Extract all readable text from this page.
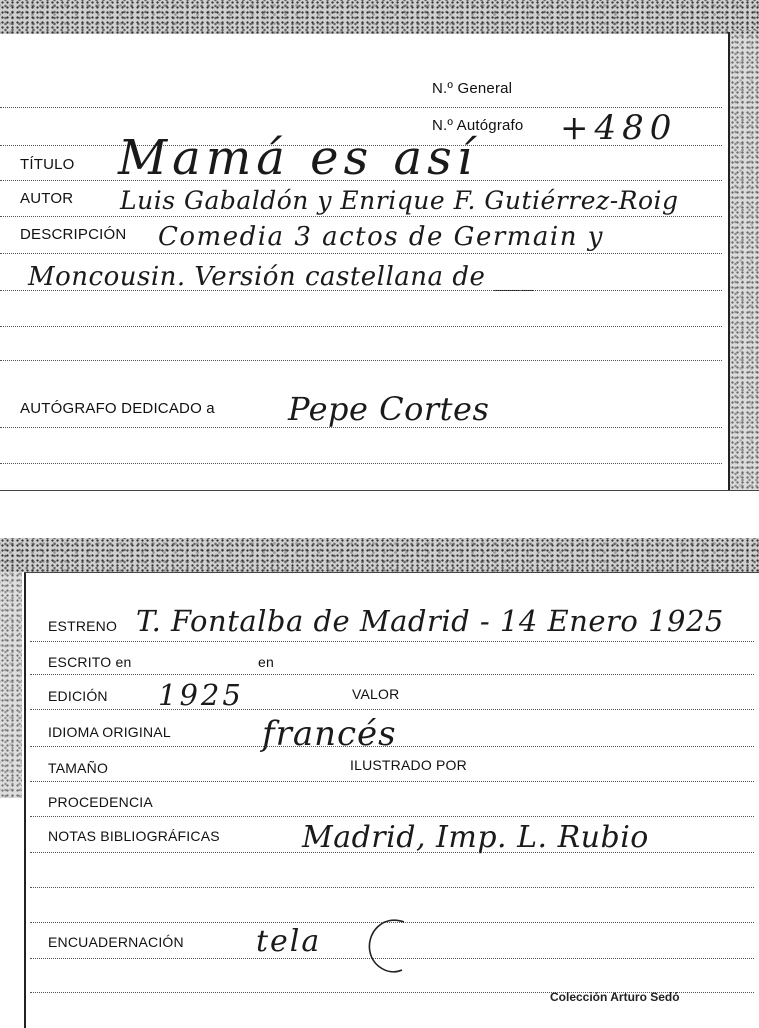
N.º General
N.º Autógrafo +480
TÍTULO Mamá es así
AUTOR Luis Gabaldón y Enrique F. Gutiérrez-Roig
DESCRIPCIÓN Comedia 3 actos de Germain y
Moncousin. Versión castellana de ___
AUTÓGRAFO DEDICADO a Pepe Cortes
ESTRENO T. Fontalba de Madrid - 14 Enero 1925
ESCRITO en	en
EDICIÓN 1925	VALOR
IDIOMA ORIGINAL	francés
TAMAÑO	ILUSTRADO POR
PROCEDENCIA
NOTAS BIBLIOGRÁFICAS	Madrid, Imp. L. Rubio
ENCUADERNACIÓN tela
Colección Arturo Sedó
